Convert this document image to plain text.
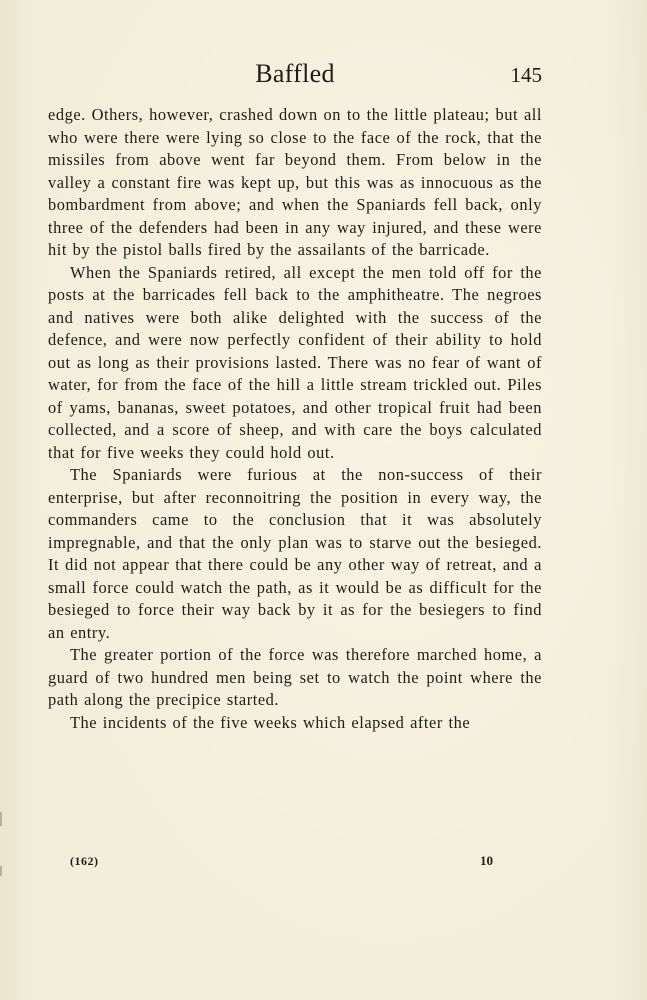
Baffled	145

edge. Others, however, crashed down on to the little plateau; but all who were there were lying so close to the face of the rock, that the missiles from above went far beyond them. From below in the valley a constant fire was kept up, but this was as innocuous as the bombardment from above; and when the Spaniards fell back, only three of the defenders had been in any way injured, and these were hit by the pistol balls fired by the assailants of the barricade.

When the Spaniards retired, all except the men told off for the posts at the barricades fell back to the amphitheatre. The negroes and natives were both alike delighted with the success of the defence, and were now perfectly confident of their ability to hold out as long as their provisions lasted. There was no fear of want of water, for from the face of the hill a little stream trickled out. Piles of yams, bananas, sweet potatoes, and other tropical fruit had been collected, and a score of sheep, and with care the boys calculated that for five weeks they could hold out.

The Spaniards were furious at the non-success of their enterprise, but after reconnoitring the position in every way, the commanders came to the conclusion that it was absolutely impregnable, and that the only plan was to starve out the besieged. It did not appear that there could be any other way of retreat, and a small force could watch the path, as it would be as difficult for the besieged to force their way back by it as for the besiegers to find an entry.

The greater portion of the force was therefore marched home, a guard of two hundred men being set to watch the point where the path along the precipice started.

The incidents of the five weeks which elapsed after the

(162)	10
